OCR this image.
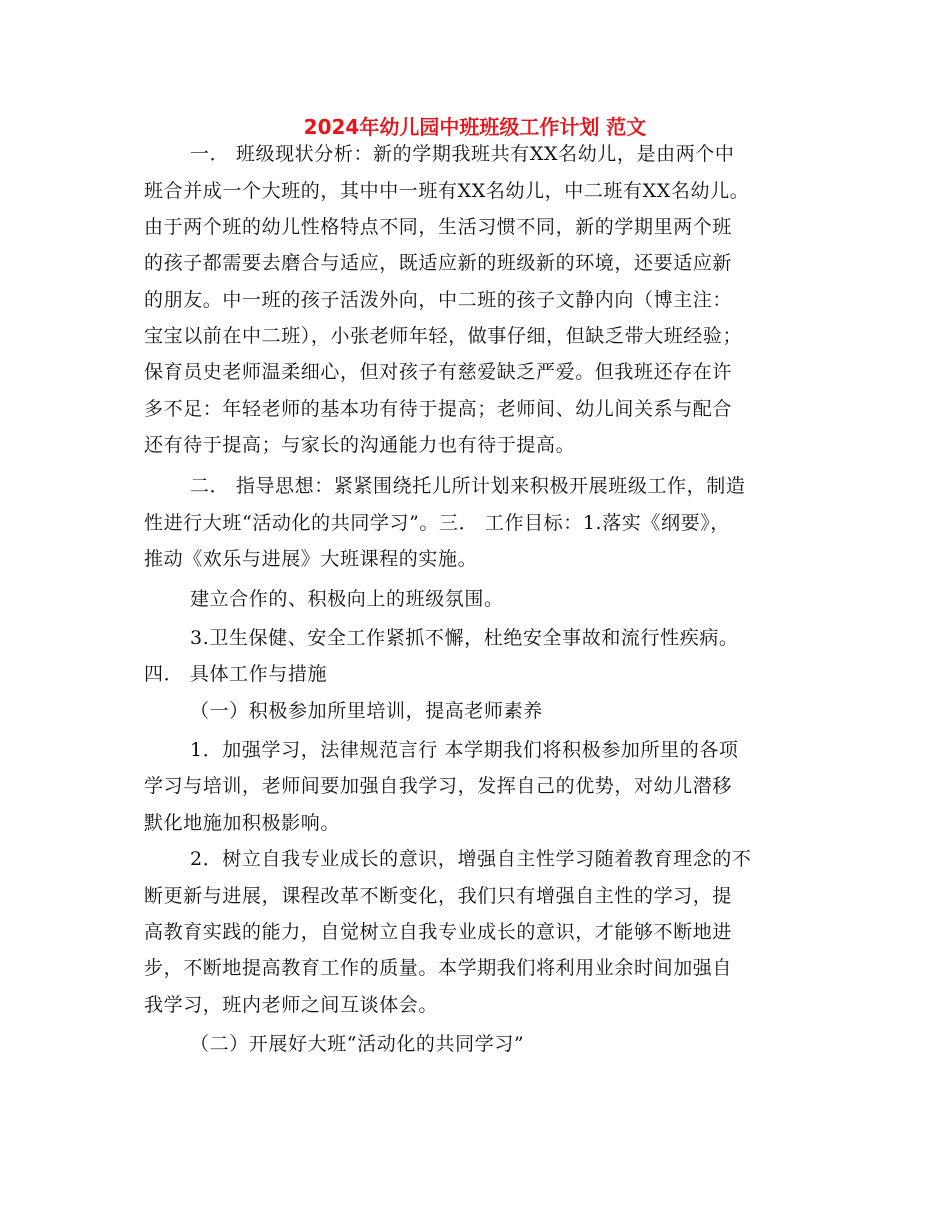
2024年幼儿园中班班级工作计划 范文

一． 班级现状分析：新的学期我班共有XX名幼儿，是由两个中

班合并成一个大班的，其中中一班有XX名幼儿，中二班有XX名幼儿。

由于两个班的幼儿性格特点不同，生活习惯不同，新的学期里两个班

的孩子都需要去磨合与适应，既适应新的班级新的环境，还要适应新

的朋友。中一班的孩子活泼外向，中二班的孩子文静内向（博主注：

宝宝以前在中二班），小张老师年轻，做事仔细，但缺乏带大班经验；

保育员史老师温柔细心，但对孩子有慈爱缺乏严爱。但我班还存在许

多不足：年轻老师的基本功有待于提高；老师间、幼儿间关系与配合

还有待于提高；与家长的沟通能力也有待于提高。

二． 指导思想：紧紧围绕托儿所计划来积极开展班级工作，制造

性进行大班“活动化的共同学习”。三． 工作目标：1.落实《纲要》，

推动《欢乐与进展》大班课程的实施。

建立合作的、积极向上的班级氛围。

3.卫生保健、安全工作紧抓不懈，杜绝安全事故和流行性疾病。

四． 具体工作与措施

（一）积极参加所里培训，提高老师素养

1．加强学习，法律规范言行 本学期我们将积极参加所里的各项

学习与培训，老师间要加强自我学习，发挥自己的优势，对幼儿潜移

默化地施加积极影响。

2．树立自我专业成长的意识，增强自主性学习随着教育理念的不

断更新与进展，课程改革不断变化，我们只有增强自主性的学习，提

高教育实践的能力，自觉树立自我专业成长的意识，才能够不断地进

步，不断地提高教育工作的质量。本学期我们将利用业余时间加强自

我学习，班内老师之间互谈体会。

（二）开展好大班“活动化的共同学习”
